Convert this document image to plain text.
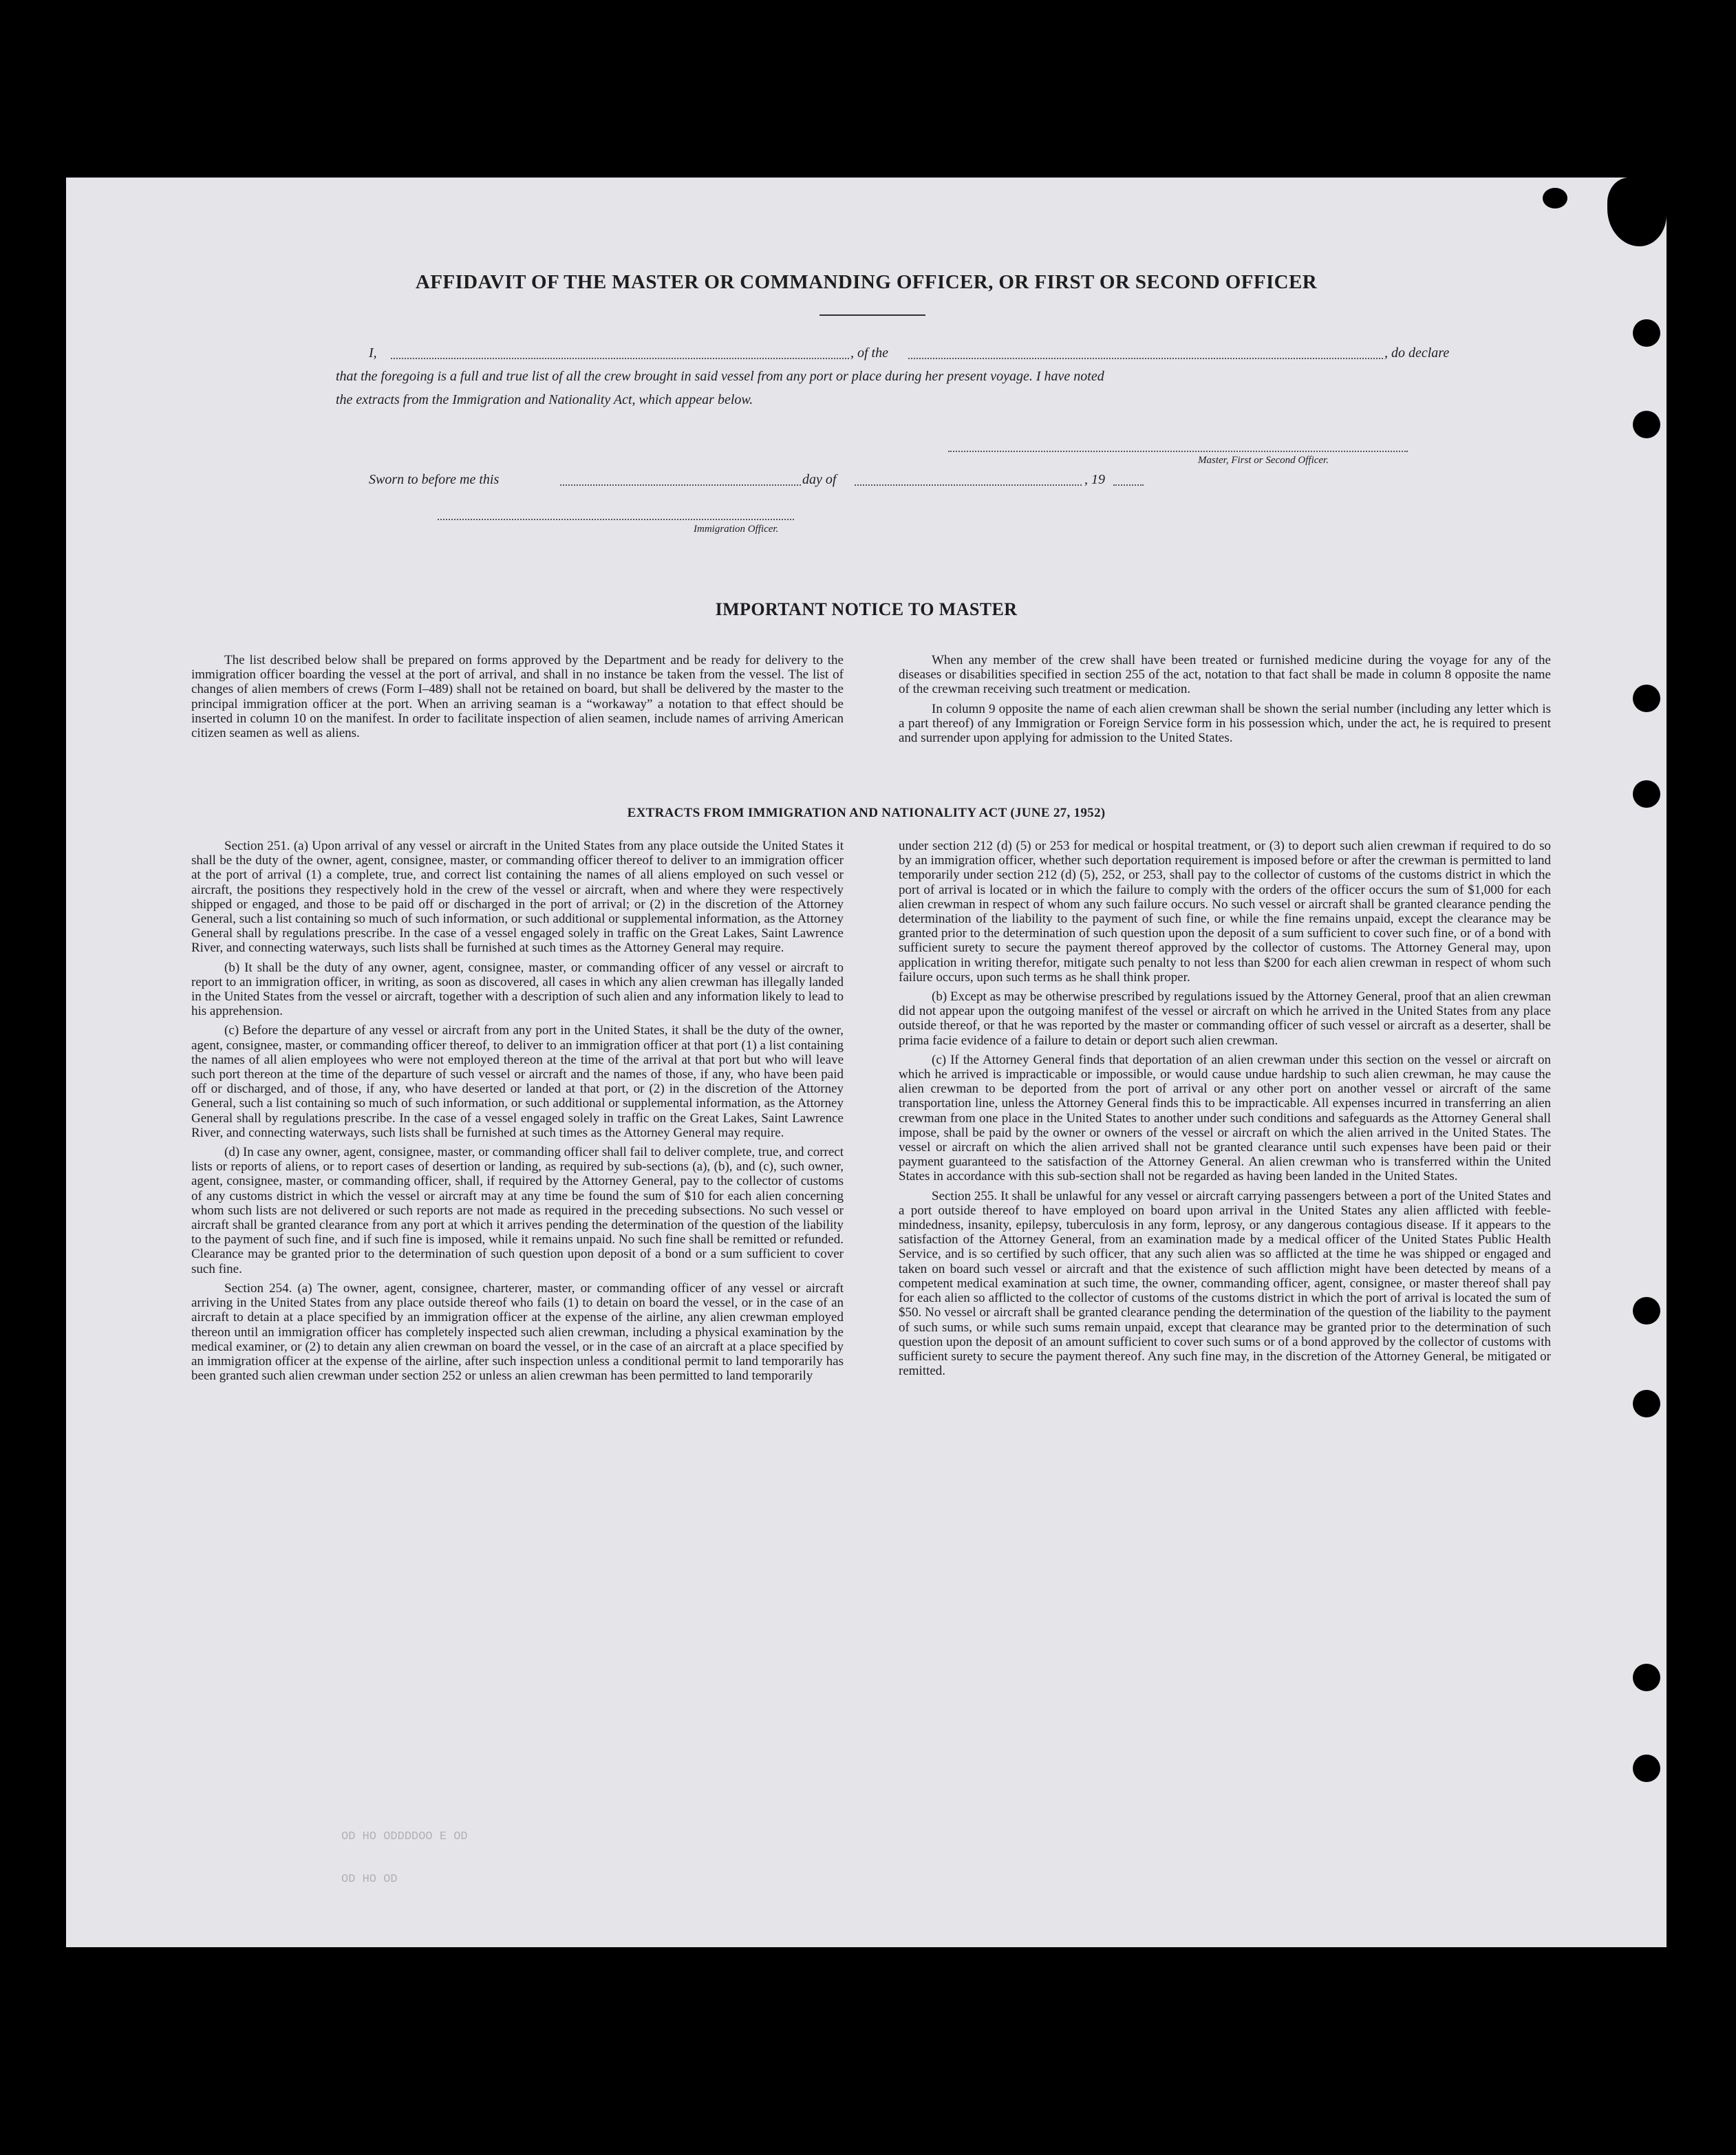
AFFIDAVIT OF THE MASTER OR COMMANDING OFFICER, OR FIRST OR SECOND OFFICER
I,	, of the	, do declare
that the foregoing is a full and true list of all the crew brought in said vessel from any port or place during her present voyage. I have noted
the extracts from the Immigration and Nationality Act, which appear below.
Master, First or Second Officer.
Sworn to before me this	day of	, 19
Immigration Officer.
IMPORTANT NOTICE TO MASTER

The list described below shall be prepared on forms approved by the Department and be ready for delivery to the immigration officer boarding the vessel at the port of arrival, and shall in no instance be taken from the vessel. The list of changes of alien members of crews (Form I–489) shall not be retained on board, but shall be delivered by the master to the principal immigration officer at the port. When an arriving seaman is a “workaway” a notation to that effect should be inserted in column 10 on the manifest. In order to facilitate inspection of alien seamen, include names of arriving American citizen seamen as well as aliens.

When any member of the crew shall have been treated or furnished medicine during the voyage for any of the diseases or disabilities specified in section 255 of the act, notation to that fact shall be made in column 8 opposite the name of the crewman receiving such treatment or medication.

In column 9 opposite the name of each alien crewman shall be shown the serial number (including any letter which is a part thereof) of any Immigration or Foreign Service form in his possession which, under the act, he is required to present and surrender upon applying for admission to the United States.

EXTRACTS FROM IMMIGRATION AND NATIONALITY ACT (JUNE 27, 1952)

Section 251. (a) Upon arrival of any vessel or aircraft in the United States from any place outside the United States it shall be the duty of the owner, agent, consignee, master, or commanding officer thereof to deliver to an immigration officer at the port of arrival (1) a complete, true, and correct list containing the names of all aliens employed on such vessel or aircraft, the positions they respectively hold in the crew of the vessel or aircraft, when and where they were respectively shipped or engaged, and those to be paid off or discharged in the port of arrival; or (2) in the discretion of the Attorney General, such a list containing so much of such information, or such additional or supplemental information, as the Attorney General shall by regulations prescribe. In the case of a vessel engaged solely in traffic on the Great Lakes, Saint Lawrence River, and connecting waterways, such lists shall be furnished at such times as the Attorney General may require.

(b) It shall be the duty of any owner, agent, consignee, master, or commanding officer of any vessel or aircraft to report to an immigration officer, in writing, as soon as discovered, all cases in which any alien crewman has illegally landed in the United States from the vessel or aircraft, together with a description of such alien and any information likely to lead to his apprehension.

(c) Before the departure of any vessel or aircraft from any port in the United States, it shall be the duty of the owner, agent, consignee, master, or commanding officer thereof, to deliver to an immigration officer at that port (1) a list containing the names of all alien employees who were not employed thereon at the time of the arrival at that port but who will leave such port thereon at the time of the departure of such vessel or aircraft and the names of those, if any, who have been paid off or discharged, and of those, if any, who have deserted or landed at that port, or (2) in the discretion of the Attorney General, such a list containing so much of such information, or such additional or supplemental information, as the Attorney General shall by regulations prescribe. In the case of a vessel engaged solely in traffic on the Great Lakes, Saint Lawrence River, and connecting waterways, such lists shall be furnished at such times as the Attorney General may require.

(d) In case any owner, agent, consignee, master, or commanding officer shall fail to deliver complete, true, and correct lists or reports of aliens, or to report cases of desertion or landing, as required by sub-sections (a), (b), and (c), such owner, agent, consignee, master, or commanding officer, shall, if required by the Attorney General, pay to the collector of customs of any customs district in which the vessel or aircraft may at any time be found the sum of $10 for each alien concerning whom such lists are not delivered or such reports are not made as required in the preceding subsections. No such vessel or aircraft shall be granted clearance from any port at which it arrives pending the determination of the question of the liability to the payment of such fine, and if such fine is imposed, while it remains unpaid. No such fine shall be remitted or refunded. Clearance may be granted prior to the determination of such question upon deposit of a bond or a sum sufficient to cover such fine.

Section 254. (a) The owner, agent, consignee, charterer, master, or commanding officer of any vessel or aircraft arriving in the United States from any place outside thereof who fails (1) to detain on board the vessel, or in the case of an aircraft to detain at a place specified by an immigration officer at the expense of the airline, any alien crewman employed thereon until an immigration officer has completely inspected such alien crewman, including a physical examination by the medical examiner, or (2) to detain any alien crewman on board the vessel, or in the case of an aircraft at a place specified by an immigration officer at the expense of the airline, after such inspection unless a conditional permit to land temporarily has been granted such alien crewman under section 252 or unless an alien crewman has been permitted to land temporarily

under section 212 (d) (5) or 253 for medical or hospital treatment, or (3) to deport such alien crewman if required to do so by an immigration officer, whether such deportation requirement is imposed before or after the crewman is permitted to land temporarily under section 212 (d) (5), 252, or 253, shall pay to the collector of customs of the customs district in which the port of arrival is located or in which the failure to comply with the orders of the officer occurs the sum of $1,000 for each alien crewman in respect of whom any such failure occurs. No such vessel or aircraft shall be granted clearance pending the determination of the liability to the payment of such fine, or while the fine remains unpaid, except the clearance may be granted prior to the determination of such question upon the deposit of a sum sufficient to cover such fine, or of a bond with sufficient surety to secure the payment thereof approved by the collector of customs. The Attorney General may, upon application in writing therefor, mitigate such penalty to not less than $200 for each alien crewman in respect of whom such failure occurs, upon such terms as he shall think proper.

(b) Except as may be otherwise prescribed by regulations issued by the Attorney General, proof that an alien crewman did not appear upon the outgoing manifest of the vessel or aircraft on which he arrived in the United States from any place outside thereof, or that he was reported by the master or commanding officer of such vessel or aircraft as a deserter, shall be prima facie evidence of a failure to detain or deport such alien crewman.

(c) If the Attorney General finds that deportation of an alien crewman under this section on the vessel or aircraft on which he arrived is impracticable or impossible, or would cause undue hardship to such alien crewman, he may cause the alien crewman to be deported from the port of arrival or any other port on another vessel or aircraft of the same transportation line, unless the Attorney General finds this to be impracticable. All expenses incurred in transferring an alien crewman from one place in the United States to another under such conditions and safeguards as the Attorney General shall impose, shall be paid by the owner or owners of the vessel or aircraft on which the alien arrived in the United States. The vessel or aircraft on which the alien arrived shall not be granted clearance until such expenses have been paid or their payment guaranteed to the satisfaction of the Attorney General. An alien crewman who is transferred within the United States in accordance with this sub-section shall not be regarded as having been landed in the United States.

Section 255. It shall be unlawful for any vessel or aircraft carrying passengers between a port of the United States and a port outside thereof to have employed on board upon arrival in the United States any alien afflicted with feeble-mindedness, insanity, epilepsy, tuberculosis in any form, leprosy, or any dangerous contagious disease. If it appears to the satisfaction of the Attorney General, from an examination made by a medical officer of the United States Public Health Service, and is so certified by such officer, that any such alien was so afflicted at the time he was shipped or engaged and taken on board such vessel or aircraft and that the existence of such affliction might have been detected by means of a competent medical examination at such time, the owner, commanding officer, agent, consignee, or master thereof shall pay for each alien so afflicted to the collector of customs of the customs district in which the port of arrival is located the sum of $50. No vessel or aircraft shall be granted clearance pending the determination of the question of the liability to the payment of such sums, or while such sums remain unpaid, except that clearance may be granted prior to the determination of such question upon the deposit of an amount sufficient to cover such sums or of a bond approved by the collector of customs with sufficient surety to secure the payment thereof. Any such fine may, in the discretion of the Attorney General, be mitigated or remitted.

OD HO ODDDDOO E OD
OD HO OD
